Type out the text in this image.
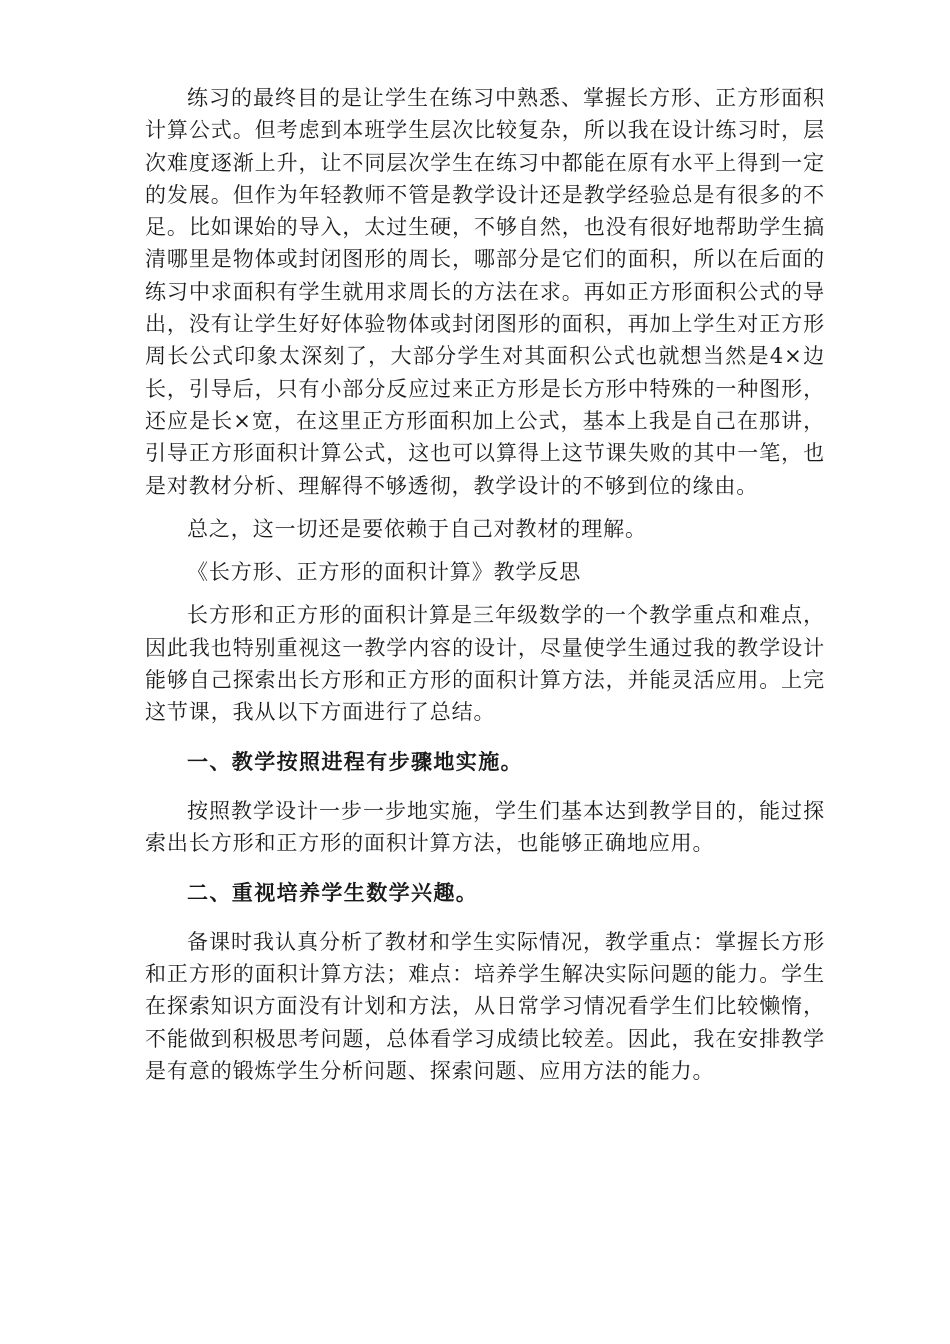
练习的最终目的是让学生在练习中熟悉、掌握长方形、正方形面积计算公式。但考虑到本班学生层次比较复杂，所以我在设计练习时，层次难度逐渐上升，让不同层次学生在练习中都能在原有水平上得到一定的发展。但作为年轻教师不管是教学设计还是教学经验总是有很多的不足。比如课始的导入，太过生硬，不够自然，也没有很好地帮助学生搞清哪里是物体或封闭图形的周长，哪部分是它们的面积，所以在后面的练习中求面积有学生就用求周长的方法在求。再如正方形面积公式的导出，没有让学生好好体验物体或封闭图形的面积，再加上学生对正方形周长公式印象太深刻了，大部分学生对其面积公式也就想当然是4×边长，引导后，只有小部分反应过来正方形是长方形中特殊的一种图形，还应是长×宽，在这里正方形面积加上公式，基本上我是自己在那讲，引导正方形面积计算公式，这也可以算得上这节课失败的其中一笔，也是对教材分析、理解得不够透彻，教学设计的不够到位的缘由。

总之，这一切还是要依赖于自己对教材的理解。

《长方形、正方形的面积计算》教学反思

长方形和正方形的面积计算是三年级数学的一个教学重点和难点，因此我也特别重视这一教学内容的设计，尽量使学生通过我的教学设计能够自己探索出长方形和正方形的面积计算方法，并能灵活应用。上完这节课，我从以下方面进行了总结。

一、教学按照进程有步骤地实施。

按照教学设计一步一步地实施，学生们基本达到教学目的，能过探索出长方形和正方形的面积计算方法，也能够正确地应用。

二、重视培养学生数学兴趣。

备课时我认真分析了教材和学生实际情况，教学重点：掌握长方形和正方形的面积计算方法；难点：培养学生解决实际问题的能力。学生在探索知识方面没有计划和方法，从日常学习情况看学生们比较懒惰，不能做到积极思考问题，总体看学习成绩比较差。因此，我在安排教学是有意的锻炼学生分析问题、探索问题、应用方法的能力。
